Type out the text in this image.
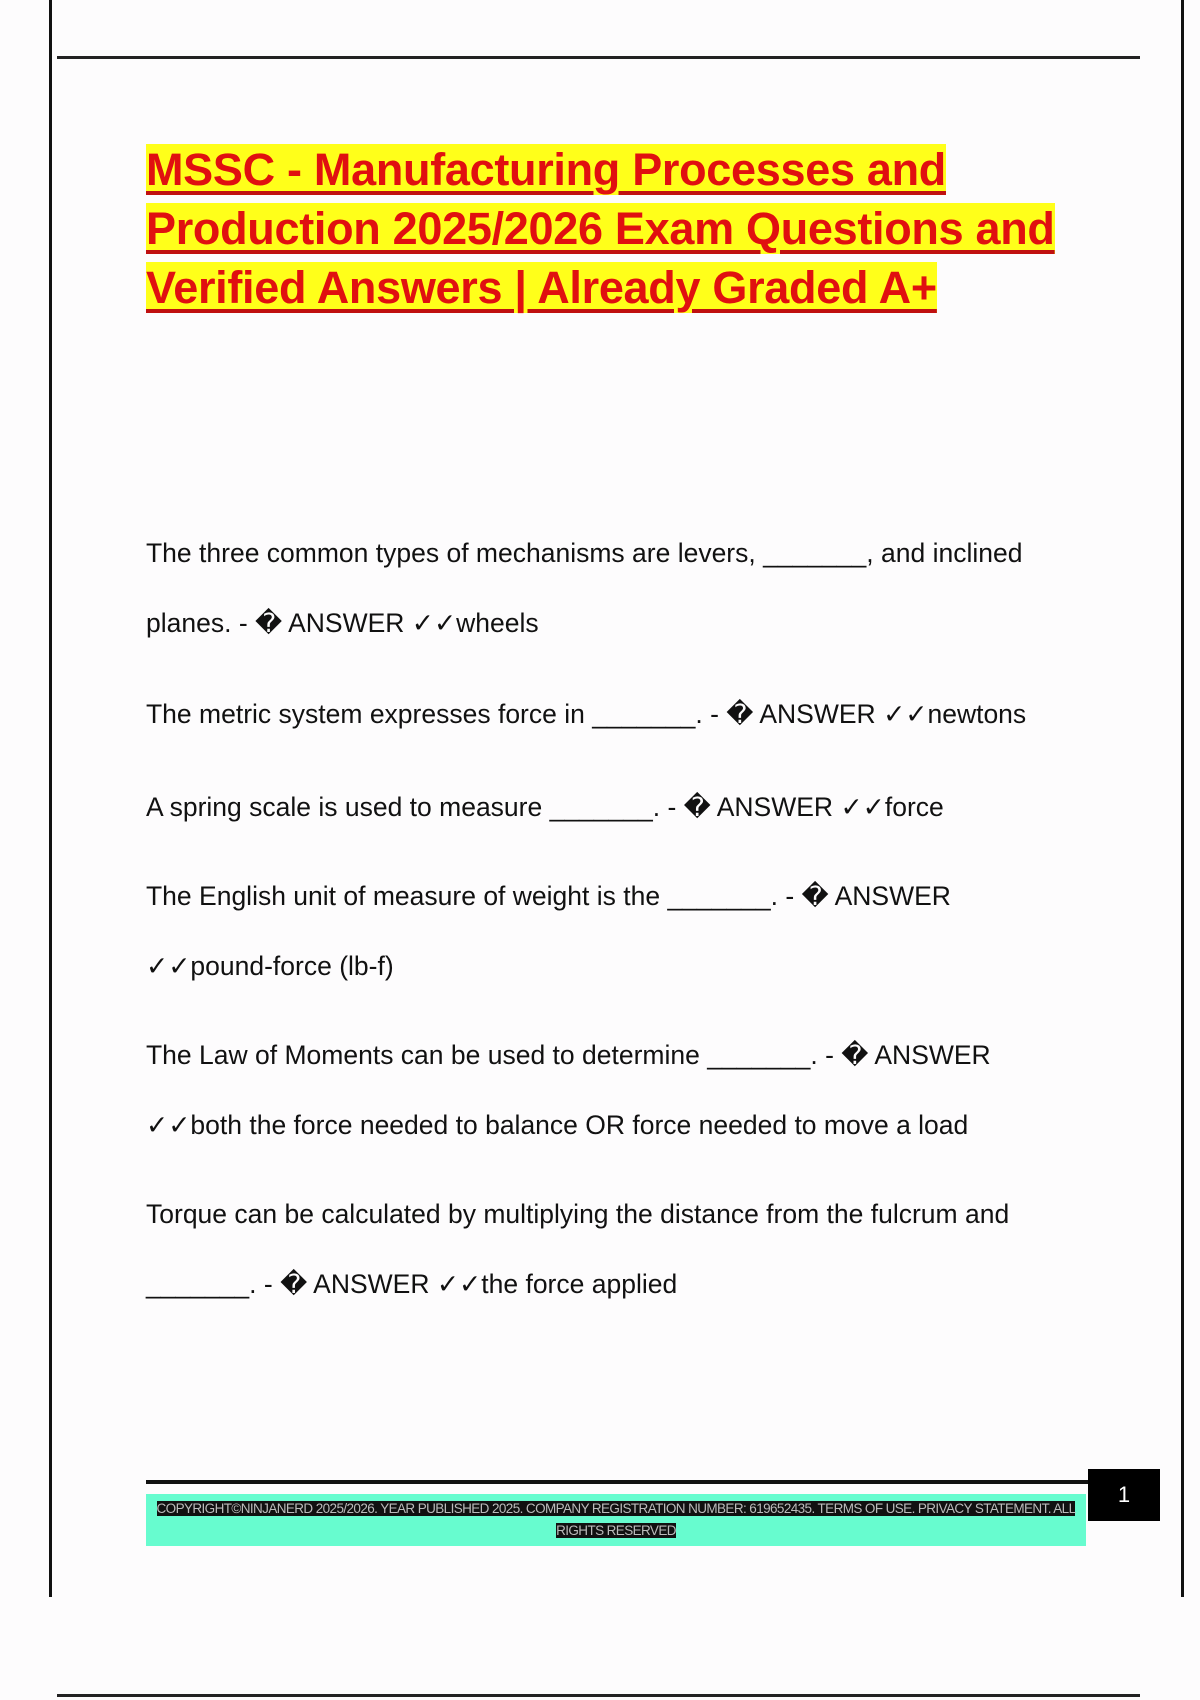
MSSC - Manufacturing Processes and Production 2025/2026 Exam Questions and Verified Answers | Already Graded A+
The three common types of mechanisms are levers, _______, and inclined planes. - � ANSWER ✓✓wheels
The metric system expresses force in _______. - � ANSWER ✓✓newtons
A spring scale is used to measure _______. - � ANSWER ✓✓force
The English unit of measure of weight is the _______. - � ANSWER ✓✓pound-force (lb-f)
The Law of Moments can be used to determine _______. - � ANSWER ✓✓both the force needed to balance OR force needed to move a load
Torque can be calculated by multiplying the distance from the fulcrum and _______. - � ANSWER ✓✓the force applied
1
COPYRIGHT©NINJANERD 2025/2026. YEAR PUBLISHED 2025. COMPANY REGISTRATION NUMBER: 619652435. TERMS OF USE. PRIVACY STATEMENT. ALL RIGHTS RESERVED
